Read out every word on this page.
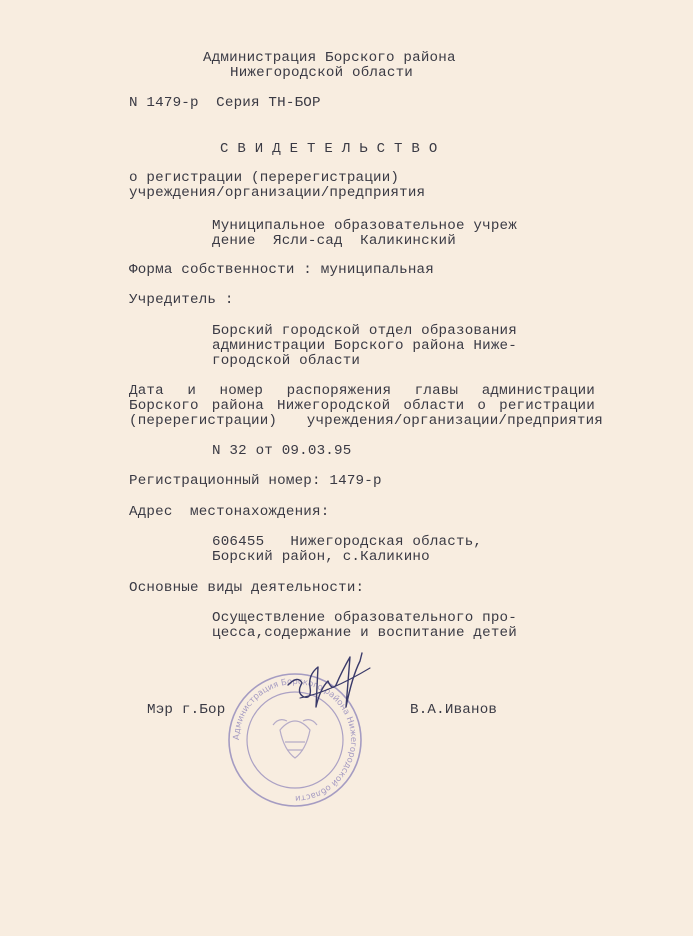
Администрация Борского района
Нижегородской области
N 1479-р  Серия ТН-БОР
СВИДЕТЕЛЬСТВО
о регистрации (перерегистрации)
учреждения/организации/предприятия
Муниципальное образовательное учреж
дение  Ясли-сад  Каликинский
Форма собственности : муниципальная
Учредитель :
Борский городской отдел образования
администрации Борского района Ниже-
городской области
Дата и номер распоряжения главы администрации
Борского района Нижегородской области о регистрации
(перерегистрации) учреждения/организации/предприятия
N 32 от 09.03.95
Регистрационный номер: 1479-р
Адрес  местонахождения:
606455   Нижегородская область,
Борский район, с.Каликино
Основные виды деятельности:
Осуществление образовательного про-
цесса,содержание и воспитание детей
Администрация Борского района Нижегородской области
Мэр г.Бор	В.А.Иванов
